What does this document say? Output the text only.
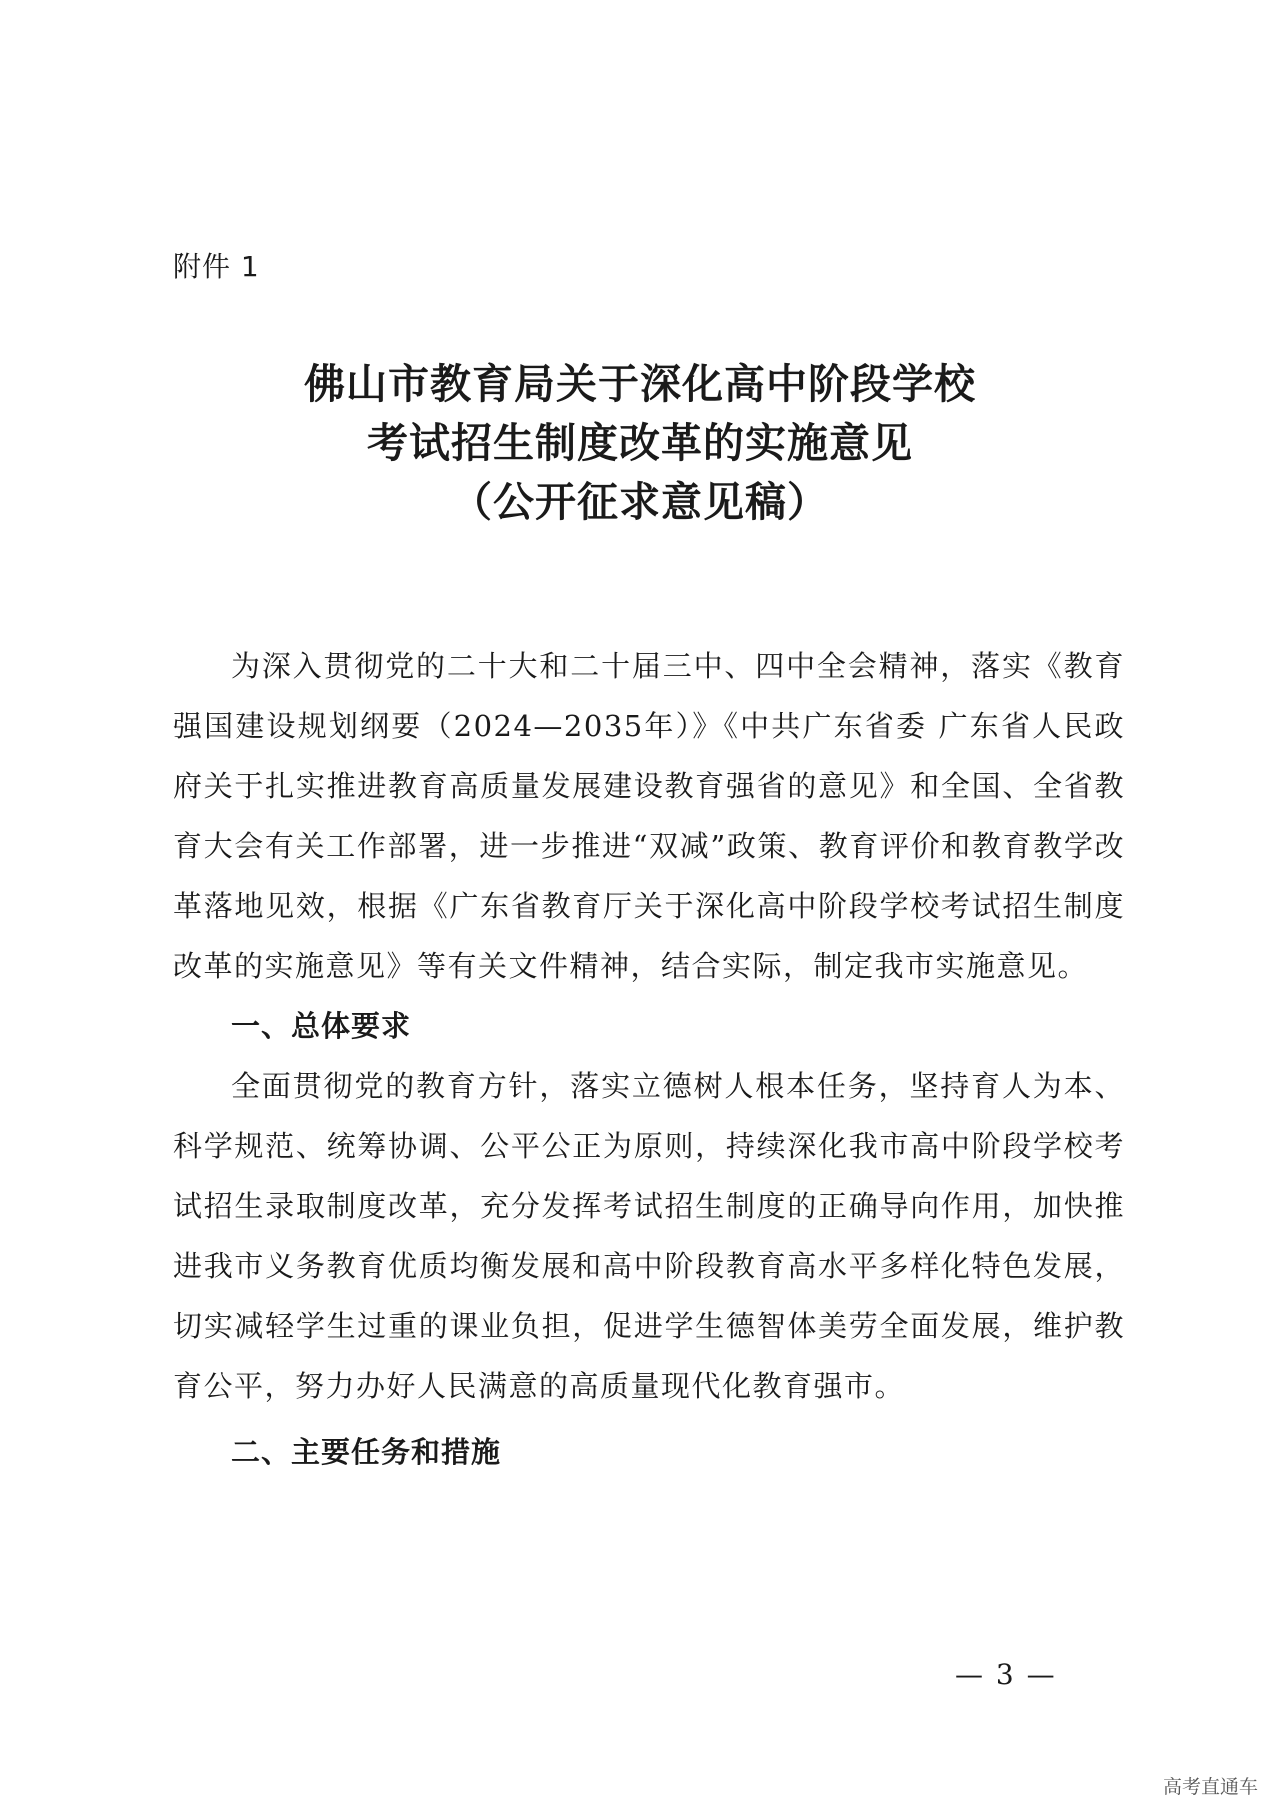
附件 1
佛山市教育局关于深化高中阶段学校
考试招生制度改革的实施意见
（公开征求意见稿）

为深入贯彻党的二十大和二十届三中、四中全会精神，落实《教育强国建设规划纲要（2024—2035年）》《中共广东省委 广东省人民政府关于扎实推进教育高质量发展建设教育强省的意见》和全国、全省教育大会有关工作部署，进一步推进“双减”政策、教育评价和教育教学改革落地见效，根据《广东省教育厅关于深化高中阶段学校考试招生制度改革的实施意见》等有关文件精神，结合实际，制定我市实施意见。

一、总体要求

全面贯彻党的教育方针，落实立德树人根本任务，坚持育人为本、科学规范、统筹协调、公平公正为原则，持续深化我市高中阶段学校考试招生录取制度改革，充分发挥考试招生制度的正确导向作用，加快推进我市义务教育优质均衡发展和高中阶段教育高水平多样化特色发展，切实减轻学生过重的课业负担，促进学生德智体美劳全面发展，维护教育公平，努力办好人民满意的高质量现代化教育强市。

二、主要任务和措施

— 3 —
高考直通车
